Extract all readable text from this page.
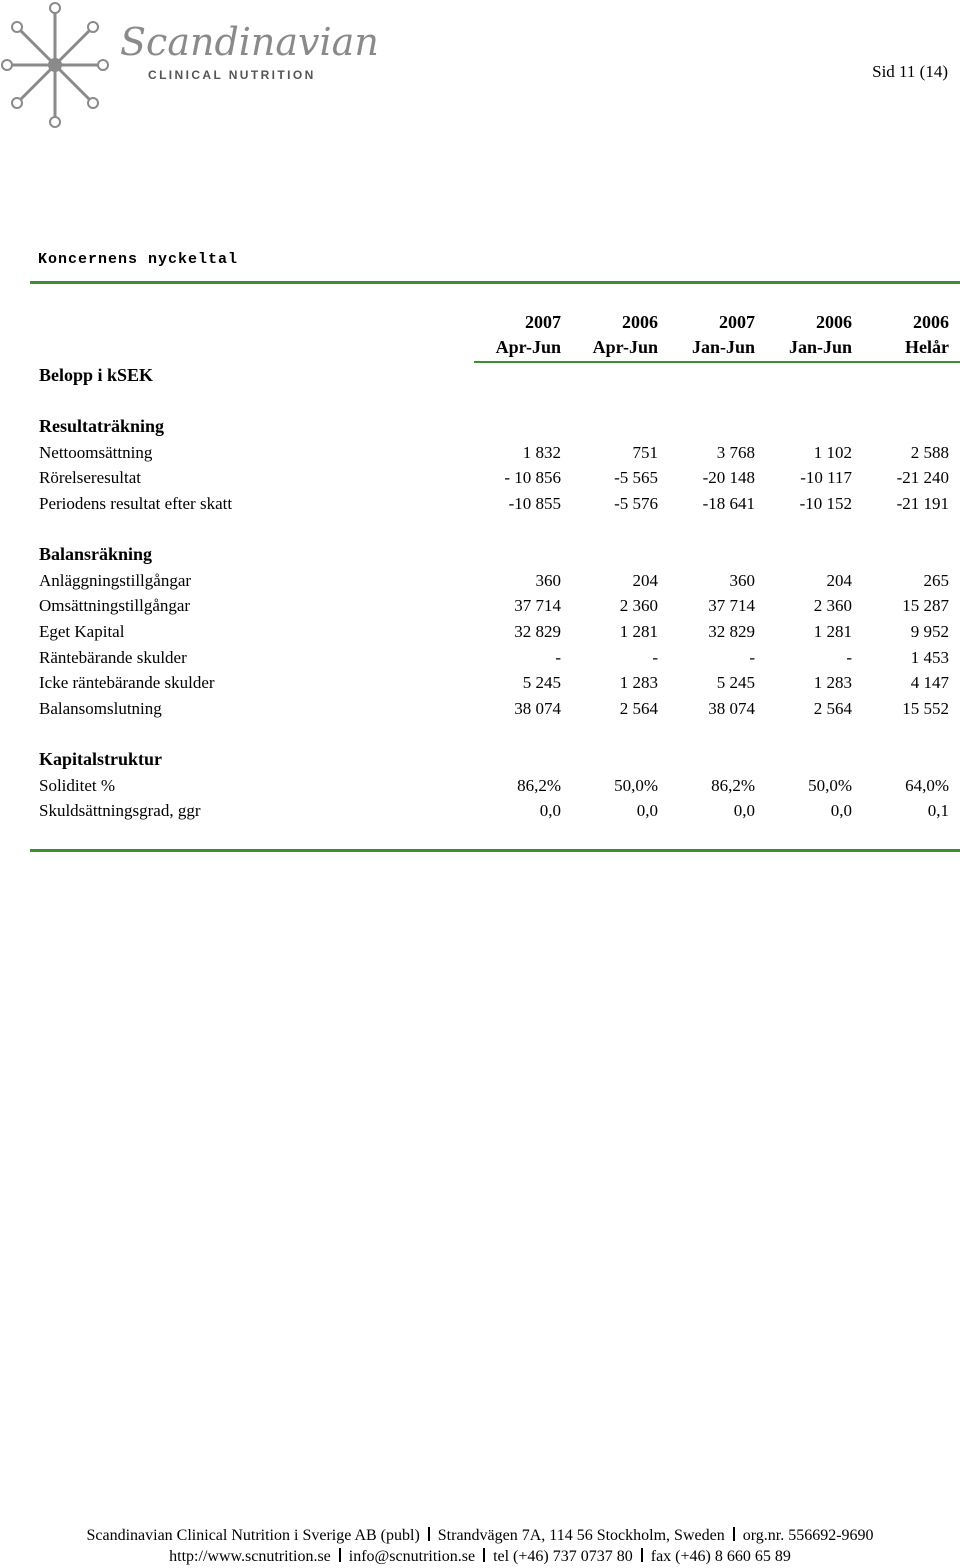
Scandinavian
CLINICAL NUTRITION	Sid 11 (14)
Koncernens nyckeltal

	2007	2006	2007	2006	2006
	Apr-Jun	Apr-Jun	Jan-Jun	Jan-Jun	Helår
Belopp i kSEK					

Resultaträkning					
Nettoomsättning	1 832	751	3 768	1 102	2 588
Rörelseresultat	- 10 856	-5 565	-20 148	-10 117	-21 240
Periodens resultat efter skatt	-10 855	-5 576	-18 641	-10 152	-21 191

Balansräkning					
Anläggningstillgångar	360	204	360	204	265
Omsättningstillgångar	37 714	2 360	37 714	2 360	15 287
Eget Kapital	32 829	1 281	32 829	1 281	9 952
Räntebärande skulder	-	-	-	-	1 453
Icke räntebärande skulder	5 245	1 283	5 245	1 283	4 147
Balansomslutning	38 074	2 564	38 074	2 564	15 552

Kapitalstruktur					
Soliditet %	86,2%	50,0%	86,2%	50,0%	64,0%
Skuldsättningsgrad, ggr	0,0	0,0	0,0	0,0	0,1

Scandinavian Clinical Nutrition i Sverige AB (publ) Strandvägen 7A, 114 56 Stockholm, Sweden org.nr. 556692-9690
http://www.scnutrition.se info@scnutrition.se tel (+46) 737 0737 80 fax (+46) 8 660 65 89
